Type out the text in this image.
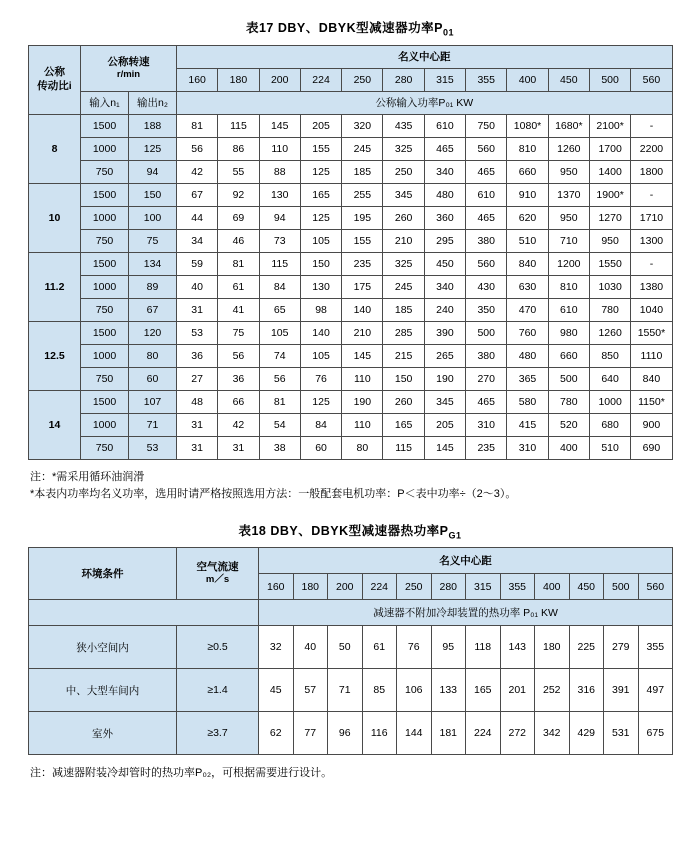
表17 DBY、DBYK型减速器功率$P_{01}$
公称
传动比i

公称转速
r/min
	名义中心距
			160	180	200	224	250	280	315	355	400	450	500	560
	输入n₁	输出n₂	公称输入功率P₀₁ KW											
8	1500	188	81	115	145	205	320	435	610	750	1080*	1680*	2100*	-
	1000	125	56	86	110	155	245	325	465	560	810	1260	1700	2200
	750	94	42	55	88	125	185	250	340	465	660	950	1400	1800
10	1500	150	67	92	130	165	255	345	480	610	910	1370	1900*	-
	1000	100	44	69	94	125	195	260	360	465	620	950	1270	1710
	750	75	34	46	73	105	155	210	295	380	510	710	950	1300
11.2	1500	134	59	81	115	150	235	325	450	560	840	1200	1550	-
	1000	89	40	61	84	130	175	245	340	430	630	810	1030	1380
	750	67	31	41	65	98	140	185	240	350	470	610	780	1040
12.5	1500	120	53	75	105	140	210	285	390	500	760	980	1260	1550*
	1000	80	36	56	74	105	145	215	265	380	480	660	850	1110
	750	60	27	36	56	76	110	150	190	270	365	500	640	840
14	1500	107	48	66	81	125	190	260	345	465	580	780	1000	1150*
	1000	71	31	42	54	84	110	165	205	310	415	520	680	900
	750	53	31	31	38	60	80	115	145	235	310	400	510	690
注：*需采用循环油润滑
*本表内功率均名义功率，选用时请严格按照选用方法：一般配套电机功率：P＜表中功率÷（2～3）。
表18 DBY、DBYK型减速器热功率$P_{G1}$
环境条件	空气流速
m／s	名义中心距											
		160	180	200	224	250	280	315	355	400	450	500	560
		减速器不附加冷却装置的热功率 P₀₁ KW											
狭小空间内	≥0.5	32	40	50	61	76	95	118	143	180	225	279	355
中、大型车间内	≥1.4	45	57	71	85	106	133	165	201	252	316	391	497
室外	≥3.7	62	77	96	116	144	181	224	272	342	429	531	675
注：减速器附装冷却管时的热功率P₀₂，可根据需要进行设计。
